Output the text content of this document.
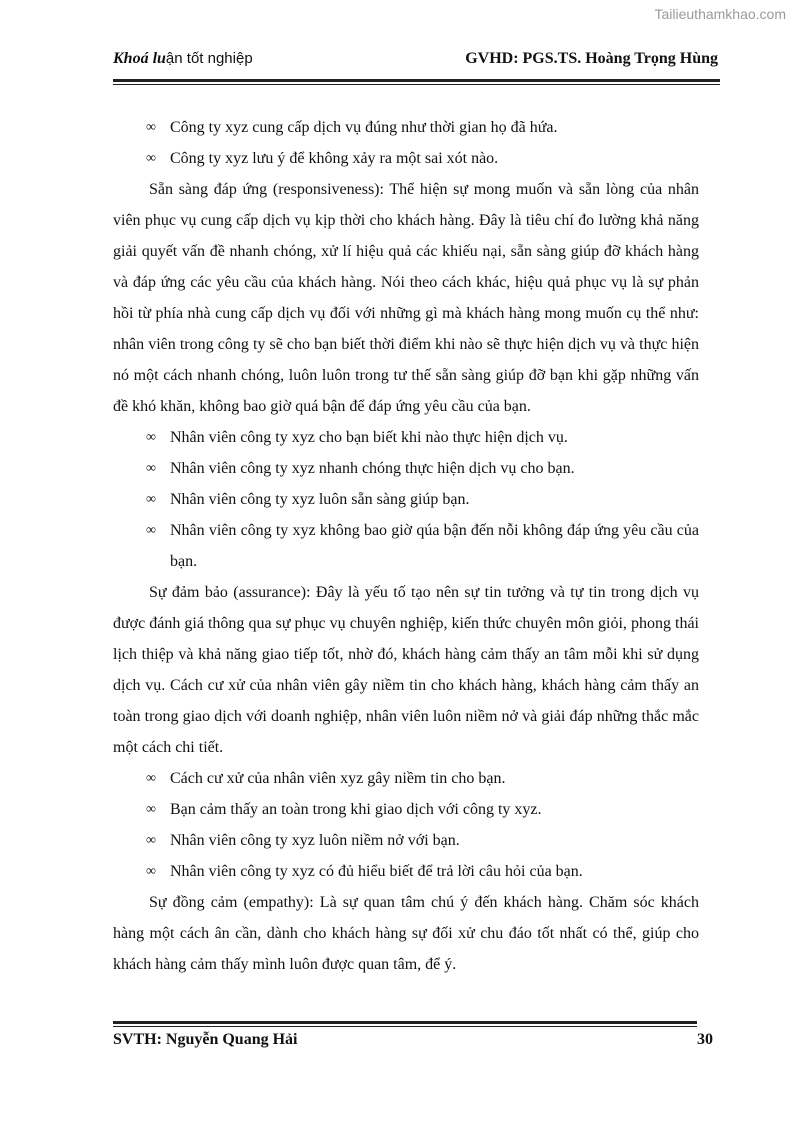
Tailieuthamkhao.com
Khoá luận tốt nghiệp	GVHD: PGS.TS. Hoàng Trọng Hùng
∞ Công ty xyz cung cấp dịch vụ đúng như thời gian họ đã hứa.
∞ Công ty xyz lưu ý để không xảy ra một sai xót nào.

Sẵn sàng đáp ứng (responsiveness): Thể hiện sự mong muốn và sẵn lòng của nhân viên phục vụ cung cấp dịch vụ kịp thời cho khách hàng. Đây là tiêu chí đo lường khả năng giải quyết vấn đề nhanh chóng, xử lí hiệu quả các khiếu nại, sẵn sàng giúp đỡ khách hàng và đáp ứng các yêu cầu của khách hàng. Nói theo cách khác, hiệu quả phục vụ là sự phản hồi từ phía nhà cung cấp dịch vụ đối với những gì mà khách hàng mong muốn cụ thể như: nhân viên trong công ty sẽ cho bạn biết thời điểm khi nào sẽ thực hiện dịch vụ và thực hiện nó một cách nhanh chóng, luôn luôn trong tư thế sẵn sàng giúp đỡ bạn khi gặp những vấn đề khó khăn, không bao giờ quá bận để đáp ứng yêu cầu của bạn.

∞ Nhân viên công ty xyz cho bạn biết khi nào thực hiện dịch vụ.
∞ Nhân viên công ty xyz nhanh chóng thực hiện dịch vụ cho bạn.
∞ Nhân viên công ty xyz luôn sẵn sàng giúp bạn.
∞ Nhân viên công ty xyz không bao giờ qúa bận đến nỗi không đáp ứng yêu cầu của bạn.

Sự đảm bảo (assurance): Đây là yếu tố tạo nên sự tin tưởng và tự tin trong dịch vụ được đánh giá thông qua sự phục vụ chuyên nghiệp, kiến thức chuyên môn giỏi, phong thái lịch thiệp và khả năng giao tiếp tốt, nhờ đó, khách hàng cảm thấy an tâm mỗi khi sử dụng dịch vụ. Cách cư xử của nhân viên gây niềm tin cho khách hàng, khách hàng cảm thấy an toàn trong giao dịch với doanh nghiệp, nhân viên luôn niềm nở và giải đáp những thắc mắc một cách chi tiết.

∞ Cách cư xử của nhân viên xyz gây niềm tin cho bạn.
∞ Bạn cảm thấy an toàn trong khi giao dịch với công ty xyz.
∞ Nhân viên công ty xyz luôn niềm nở với bạn.
∞ Nhân viên công ty xyz có đủ hiểu biết để trả lời câu hỏi của bạn.

Sự đồng cảm (empathy): Là sự quan tâm chú ý đến khách hàng. Chăm sóc khách hàng một cách ân cần, dành cho khách hàng sự đối xử chu đáo tốt nhất có thể, giúp cho khách hàng cảm thấy mình luôn được quan tâm, để ý.

SVTH: Nguyễn Quang Hải	30
